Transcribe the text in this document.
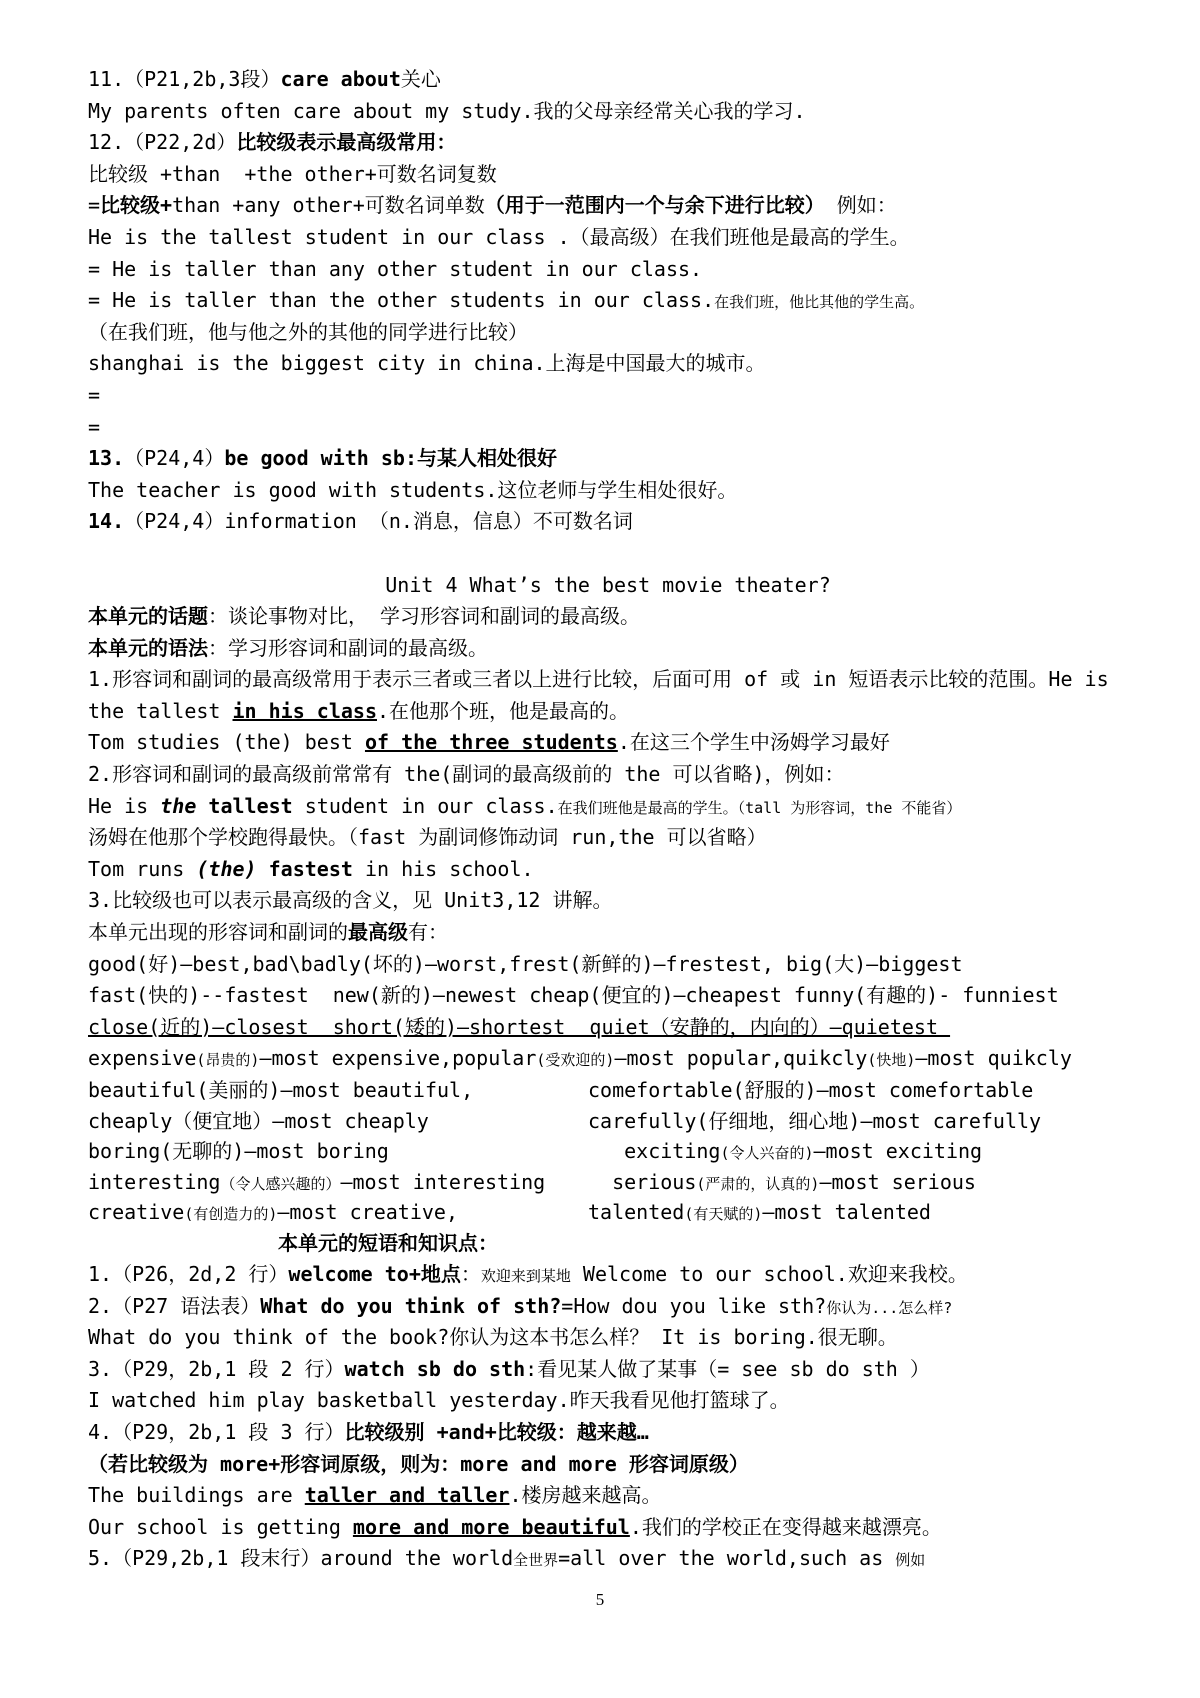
11.（P21,2b,3段）care about关心
My parents often care about my study.我的父母亲经常关心我的学习.
12.（P22,2d）比较级表示最高级常用：
比较级 +than  +the other+可数名词复数
=比较级+than +any other+可数名词单数（用于一范围内一个与余下进行比较） 例如：
He is the tallest student in our class .（最高级）在我们班他是最高的学生。
= He is taller than any other student in our class.
= He is taller than the other students in our class.在我们班，他比其他的学生高。
（在我们班，他与他之外的其他的同学进行比较）
shanghai is the biggest city in china.上海是中国最大的城市。
=
=
13.（P24,4）be good with sb:与某人相处很好
The teacher is good with students.这位老师与学生相处很好。
14.（P24,4）information （n.消息，信息）不可数名词
Unit 4 What’s the best movie theater?
本单元的话题：谈论事物对比， 学习形容词和副词的最高级。
本单元的语法：学习形容词和副词的最高级。
1.形容词和副词的最高级常用于表示三者或三者以上进行比较，后面可用 of 或 in 短语表示比较的范围。He is the tallest in his class.在他那个班，他是最高的。
Tom studies (the) best of the three students.在这三个学生中汤姆学习最好
2.形容词和副词的最高级前常常有 the(副词的最高级前的 the 可以省略)，例如：
He is the tallest student in our class.在我们班他是最高的学生。（tall 为形容词，the 不能省）
汤姆在他那个学校跑得最快。（fast 为副词修饰动词 run,the 可以省略）
Tom runs (the) fastest in his school.
3.比较级也可以表示最高级的含义，见 Unit3,12 讲解。
本单元出现的形容词和副词的最高级有：
good(好)—best,bad\badly(坏的)—worst,frest(新鲜的)—frestest, big(大)—biggest
fast(快的)--fastest  new(新的)—newest cheap(便宜的)—cheapest funny(有趣的)- funniest
close(近的)—closest  short(矮的)—shortest  quiet（安静的，内向的）—quietest
expensive(昂贵的)—most expensive,popular(受欢迎的)—most popular,quikcly(快地)—most quikcly
beautiful(美丽的)—most beautiful,	comefortable(舒服的)—most comefortable
cheaply（便宜地）—most cheaply	carefully(仔细地，细心地)—most carefully
boring(无聊的)—most boring	exciting(令人兴奋的)—most exciting
interesting（令人感兴趣的）—most interesting	serious(严肃的，认真的)—most serious
creative(有创造力的)—most creative,	talented(有天赋的)—most talented
本单元的短语和知识点：
1.（P26，2d,2 行）welcome to+地点：欢迎来到某地 Welcome to our school.欢迎来我校。
2.（P27 语法表）What do you think of sth?=How dou you like sth?你认为...怎么样?
What do you think of the book?你认为这本书怎么样？ It is boring.很无聊。
3.（P29，2b,1 段 2 行）watch sb do sth:看见某人做了某事（= see sb do sth ）
I watched him play basketball yesterday.昨天我看见他打篮球了。
4.（P29，2b,1 段 3 行）比较级别 +and+比较级：越来越…
（若比较级为 more+形容词原级，则为：more and more 形容词原级）
The buildings are taller and taller.楼房越来越高。
Our school is getting more and more beautiful.我们的学校正在变得越来越漂亮。
5.（P29,2b,1 段末行）around the world全世界=all over the world,such as 例如
5
